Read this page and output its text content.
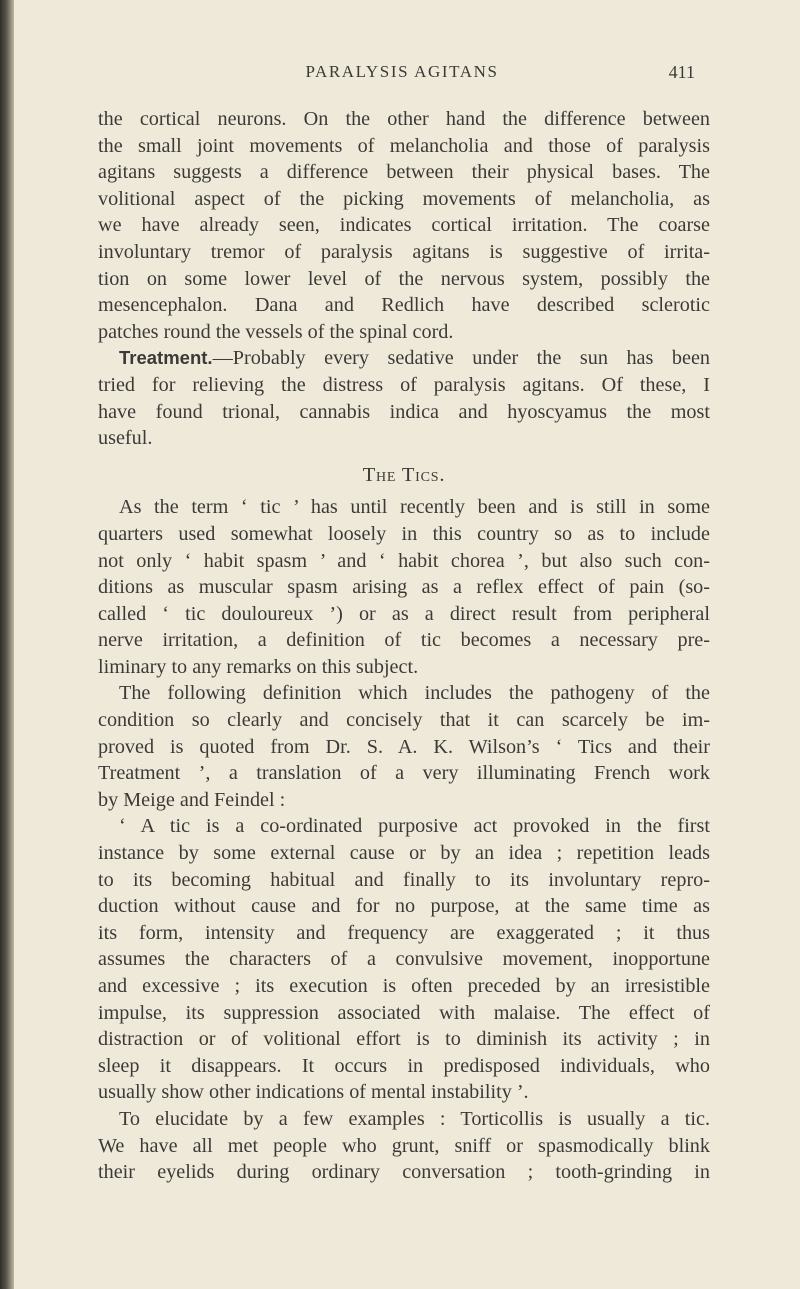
PARALYSIS AGITANS	411
the cortical neurons. On the other hand the difference between
the small joint movements of melancholia and those of paralysis
agitans suggests a difference between their physical bases. The
volitional aspect of the picking movements of melancholia, as
we have already seen, indicates cortical irritation. The coarse
involuntary tremor of paralysis agitans is suggestive of irrita-
tion on some lower level of the nervous system, possibly the
mesencephalon. Dana and Redlich have described sclerotic
patches round the vessels of the spinal cord.
Treatment.—Probably every sedative under the sun has been
tried for relieving the distress of paralysis agitans. Of these, I
have found trional, cannabis indica and hyoscyamus the most
useful.
The Tics.
As the term ‘ tic ’ has until recently been and is still in some
quarters used somewhat loosely in this country so as to include
not only ‘ habit spasm ’ and ‘ habit chorea ’, but also such con-
ditions as muscular spasm arising as a reflex effect of pain (so-
called ‘ tic douloureux ’) or as a direct result from peripheral
nerve irritation, a definition of tic becomes a necessary pre-
liminary to any remarks on this subject.
The following definition which includes the pathogeny of the
condition so clearly and concisely that it can scarcely be im-
proved is quoted from Dr. S. A. K. Wilson’s ‘ Tics and their
Treatment ’, a translation of a very illuminating French work
by Meige and Feindel :
‘ A tic is a co-ordinated purposive act provoked in the first
instance by some external cause or by an idea ; repetition leads
to its becoming habitual and finally to its involuntary repro-
duction without cause and for no purpose, at the same time as
its form, intensity and frequency are exaggerated ; it thus
assumes the characters of a convulsive movement, inopportune
and excessive ; its execution is often preceded by an irresistible
impulse, its suppression associated with malaise. The effect of
distraction or of volitional effort is to diminish its activity ; in
sleep it disappears. It occurs in predisposed individuals, who
usually show other indications of mental instability ’.
To elucidate by a few examples : Torticollis is usually a tic.
We have all met people who grunt, sniff or spasmodically blink
their eyelids during ordinary conversation ; tooth-grinding in
